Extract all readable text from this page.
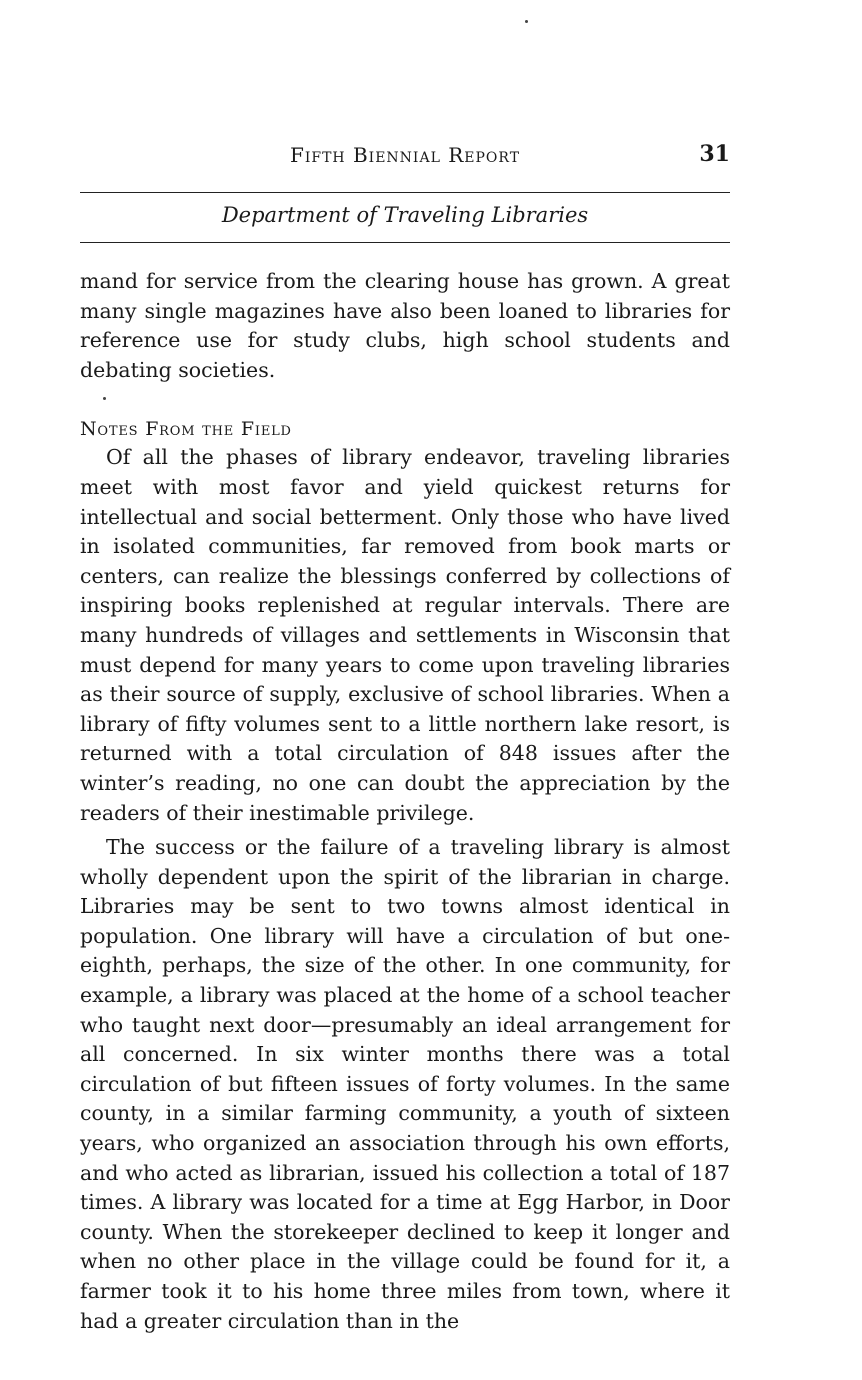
Fifth Biennial Report	31
Department of Traveling Libraries

mand for service from the clearing house has grown. A great many single magazines have also been loaned to libraries for reference use for study clubs, high school students and debating societies.

Notes From the Field

Of all the phases of library endeavor, traveling libraries meet with most favor and yield quickest returns for intellectual and social betterment. Only those who have lived in isolated communities, far removed from book marts or centers, can realize the blessings conferred by collections of inspiring books replenished at regular intervals. There are many hundreds of villages and settlements in Wisconsin that must depend for many years to come upon traveling libraries as their source of supply, exclusive of school libraries. When a library of fifty volumes sent to a little northern lake resort, is returned with a total circulation of 848 issues after the winter’s reading, no one can doubt the appreciation by the readers of their inestimable privilege.

The success or the failure of a traveling library is almost wholly dependent upon the spirit of the librarian in charge. Libraries may be sent to two towns almost identical in population. One library will have a circulation of but one-eighth, perhaps, the size of the other. In one community, for example, a library was placed at the home of a school teacher who taught next door—presumably an ideal arrangement for all concerned. In six winter months there was a total circulation of but fifteen issues of forty volumes. In the same county, in a similar farming community, a youth of sixteen years, who organized an association through his own efforts, and who acted as librarian, issued his collection a total of 187 times. A library was located for a time at Egg Harbor, in Door county. When the storekeeper declined to keep it longer and when no other place in the village could be found for it, a farmer took it to his home three miles from town, where it had a greater circulation than in the
